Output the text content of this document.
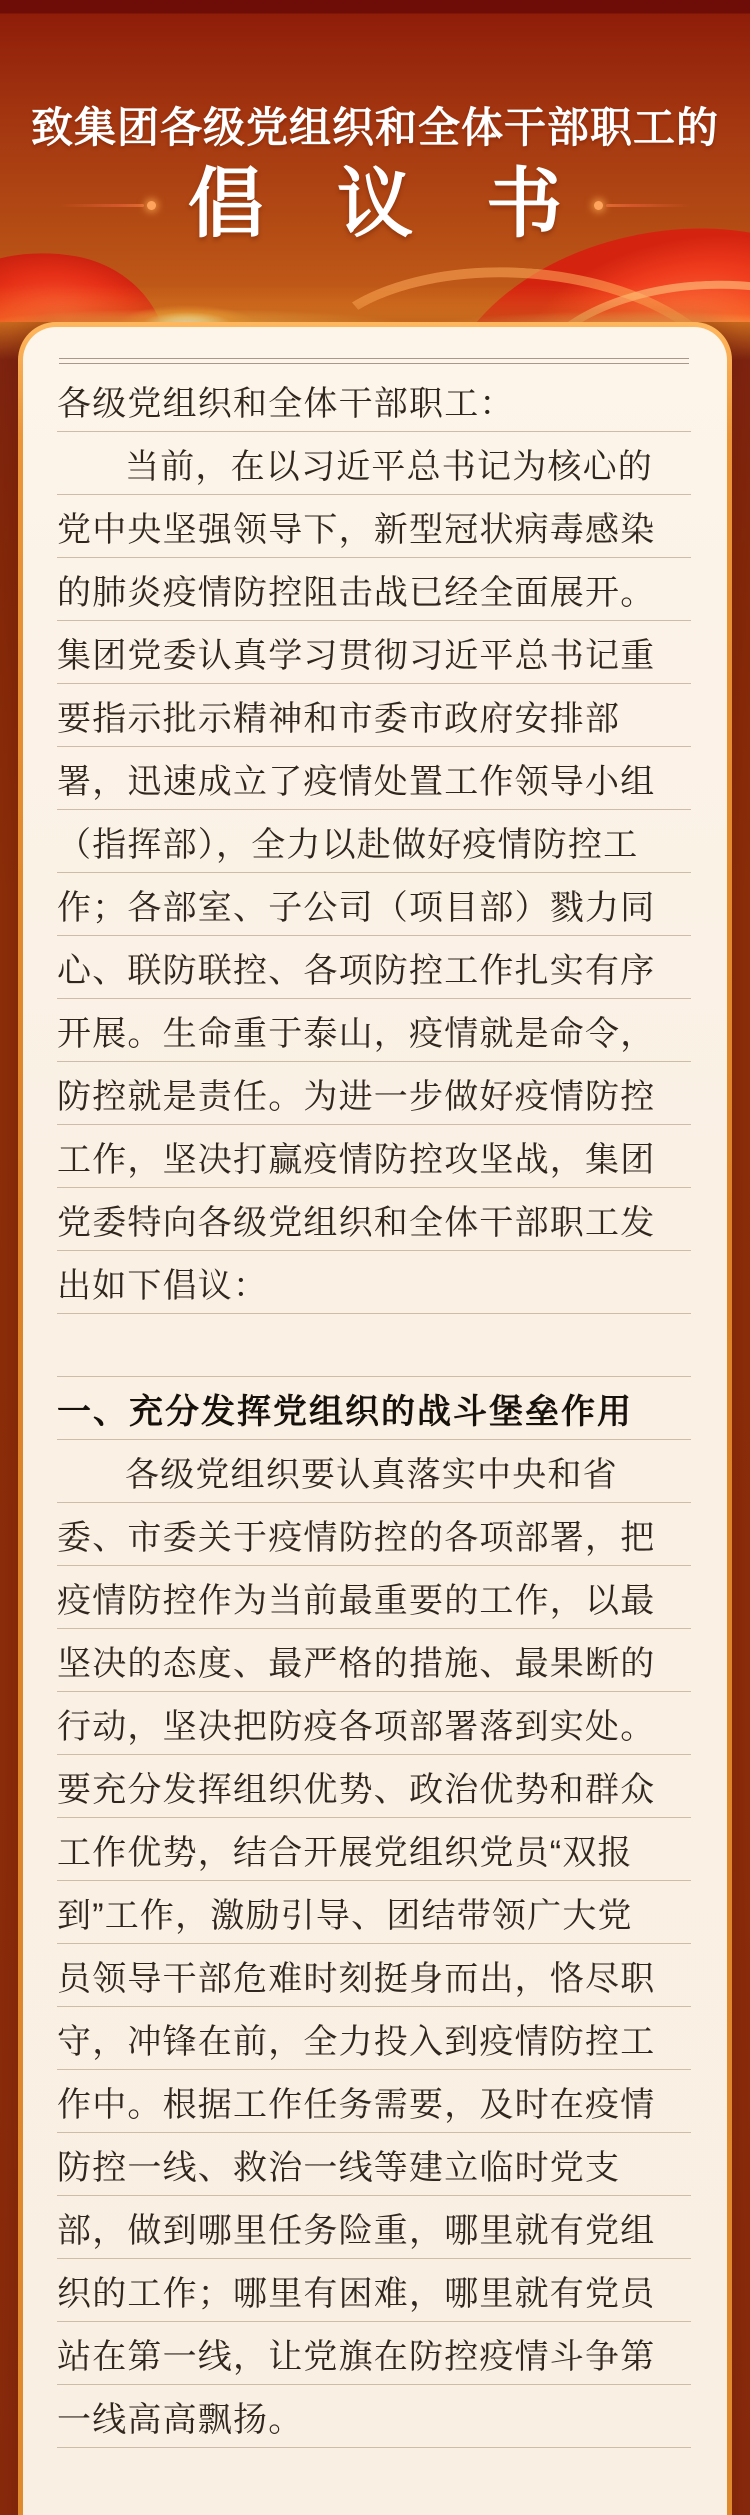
致集团各级党组织和全体干部职工的
倡 议 书
各级党组织和全体干部职工：
当前，在以习近平总书记为核心的
党中央坚强领导下，新型冠状病毒感染
的肺炎疫情防控阻击战已经全面展开。
集团党委认真学习贯彻习近平总书记重
要指示批示精神和市委市政府安排部
署，迅速成立了疫情处置工作领导小组
（指挥部），全力以赴做好疫情防控工
作；各部室、子公司（项目部）戮力同
心、联防联控、各项防控工作扎实有序
开展。生命重于泰山，疫情就是命令，
防控就是责任。为进一步做好疫情防控
工作，坚决打赢疫情防控攻坚战，集团
党委特向各级党组织和全体干部职工发
出如下倡议：
一、充分发挥党组织的战斗堡垒作用
各级党组织要认真落实中央和省
委、市委关于疫情防控的各项部署，把
疫情防控作为当前最重要的工作，以最
坚决的态度、最严格的措施、最果断的
行动，坚决把防疫各项部署落到实处。
要充分发挥组织优势、政治优势和群众
工作优势，结合开展党组织党员“双报
到”工作，激励引导、团结带领广大党
员领导干部危难时刻挺身而出，恪尽职
守，冲锋在前，全力投入到疫情防控工
作中。根据工作任务需要，及时在疫情
防控一线、救治一线等建立临时党支
部，做到哪里任务险重，哪里就有党组
织的工作；哪里有困难，哪里就有党员
站在第一线，让党旗在防控疫情斗争第
一线高高飘扬。
